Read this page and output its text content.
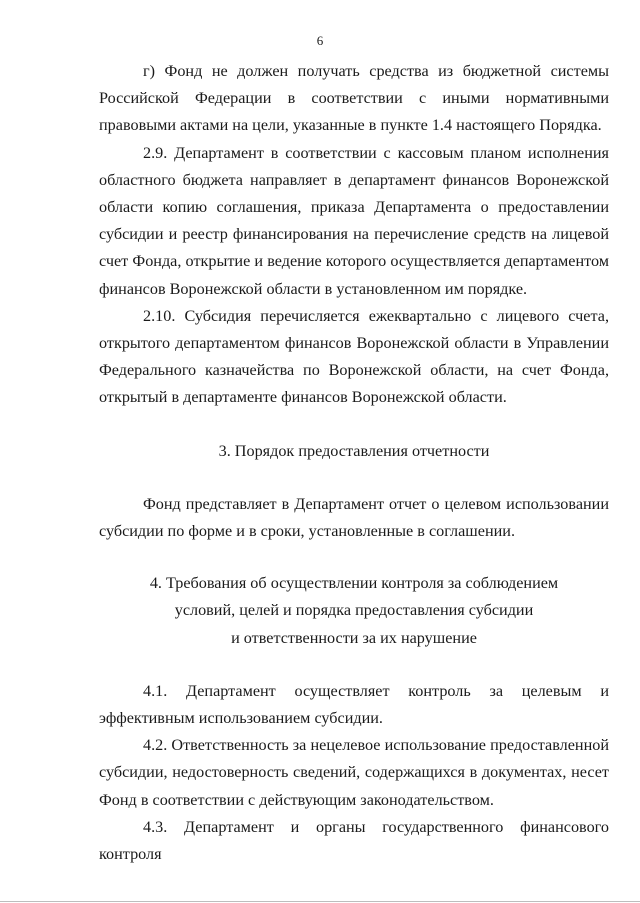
6

г) Фонд не должен получать средства из бюджетной системы Российской Федерации в соответствии с иными нормативными правовыми актами на цели, указанные в пункте 1.4 настоящего Порядка.

2.9. Департамент в соответствии с кассовым планом исполнения областного бюджета направляет в департамент финансов Воронежской области копию соглашения, приказа Департамента о предоставлении субсидии и реестр финансирования на перечисление средств на лицевой счет Фонда, открытие и ведение которого осуществляется департаментом финансов Воронежской области в установленном им порядке.

2.10. Субсидия перечисляется ежеквартально с лицевого счета, открытого департаментом финансов Воронежской области в Управлении Федерального казначейства по Воронежской области, на счет Фонда, открытый в департаменте финансов Воронежской области.

3. Порядок предоставления отчетности

Фонд представляет в Департамент отчет о целевом использовании субсидии по форме и в сроки, установленные в соглашении.

4. Требования об осуществлении контроля за соблюдением
условий, целей и порядка предоставления субсидии
и ответственности за их нарушение

4.1. Департамент осуществляет контроль за целевым и эффективным использованием субсидии.

4.2. Ответственность за нецелевое использование предоставленной субсидии, недостоверность сведений, содержащихся в документах, несет Фонд в соответствии с действующим законодательством.

4.3. Департамент и органы государственного финансового контроля
